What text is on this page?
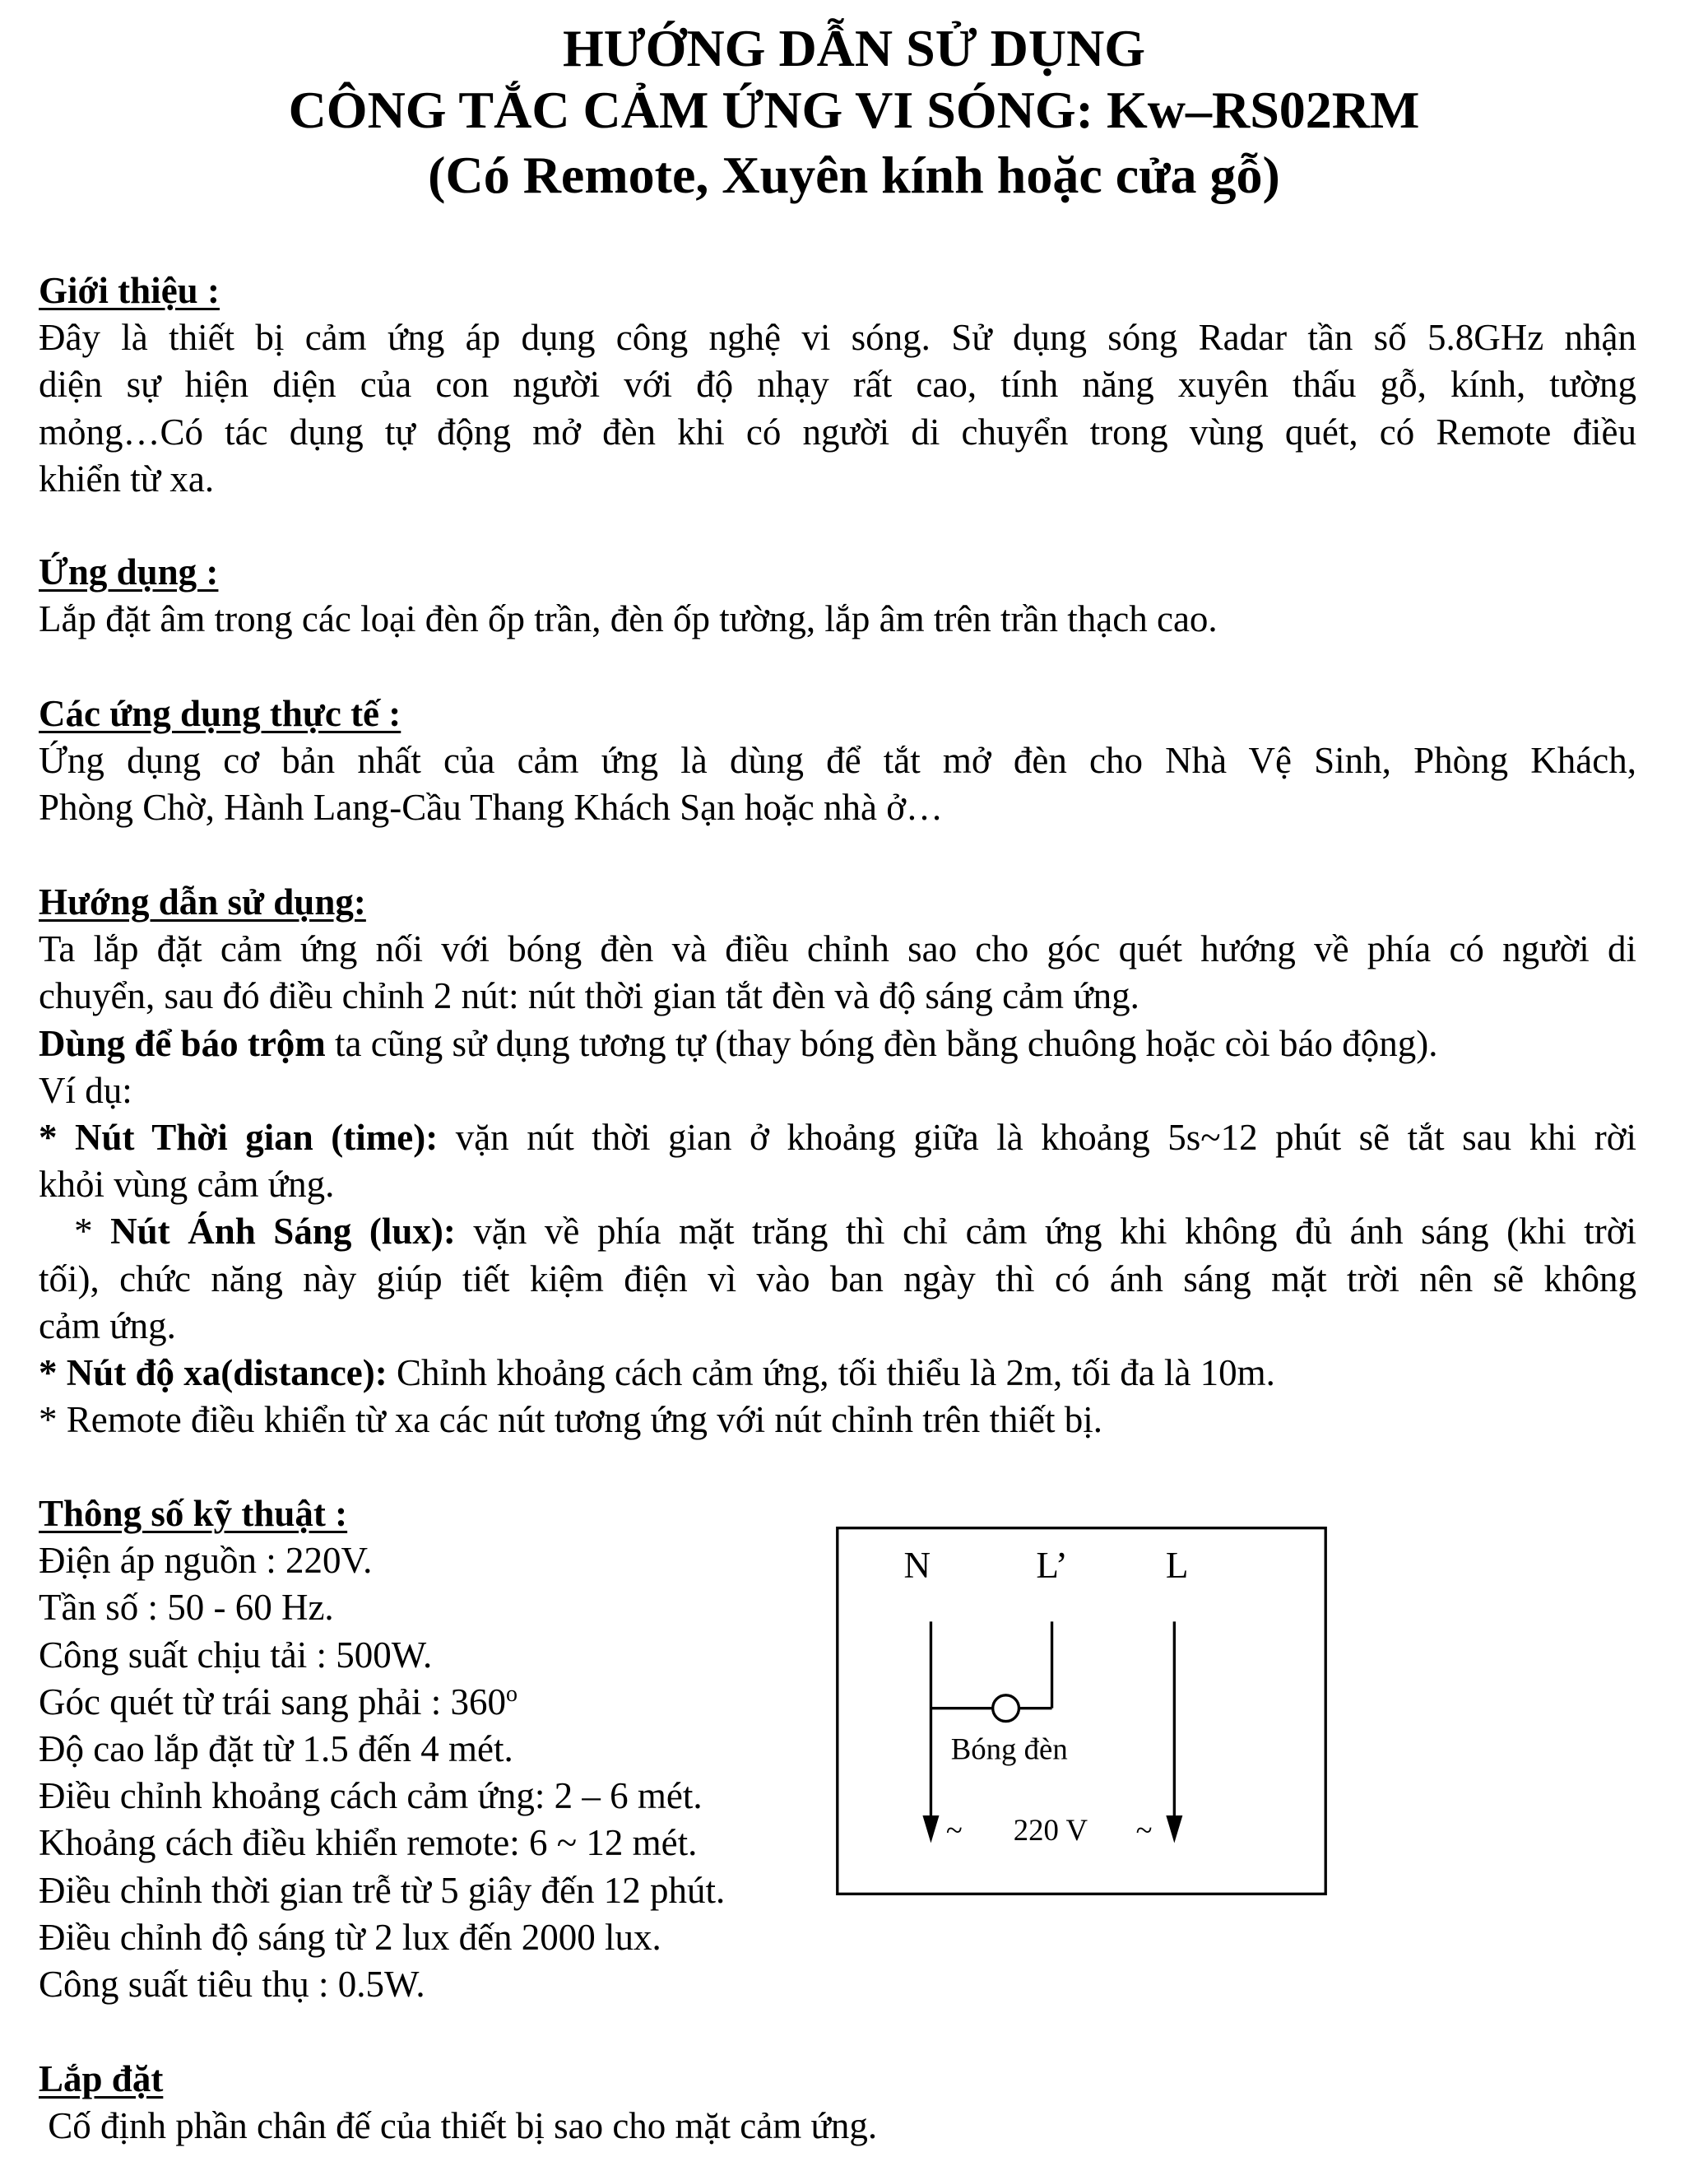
HƯỚNG DẪN SỬ DỤNG
CÔNG TẮC CẢM ỨNG VI SÓNG: Kw–RS02RM
(Có Remote, Xuyên kính hoặc cửa gỗ)
Giới thiệu :
Đây là thiết bị cảm ứng áp dụng công nghệ vi sóng. Sử dụng sóng Radar tần số 5.8GHz nhận
diện sự hiện diện của con người với độ nhạy rất cao, tính năng xuyên thấu gỗ, kính, tường
mỏng…Có tác dụng tự động mở đèn khi có người di chuyển trong vùng quét, có Remote điều
khiển từ xa.
Ứng dụng :
Lắp đặt âm trong các loại đèn ốp trần, đèn ốp tường, lắp âm trên trần thạch cao.
Các ứng dụng thực tế :
Ứng dụng cơ bản nhất của cảm ứng là dùng để tắt mở đèn cho Nhà Vệ Sinh, Phòng Khách,
Phòng Chờ, Hành Lang-Cầu Thang Khách Sạn hoặc nhà ở…
Hướng dẫn sử dụng:
Ta lắp đặt cảm ứng nối với bóng đèn và điều chỉnh sao cho góc quét hướng về phía có người di
chuyển, sau đó điều chỉnh 2 nút: nút thời gian tắt đèn và độ sáng cảm ứng.
Dùng để báo trộm ta cũng sử dụng tương tự (thay bóng đèn bằng chuông hoặc còi báo động).
Ví dụ:
* Nút Thời gian (time): vặn nút thời gian ở khoảng giữa là khoảng 5s~12 phút sẽ tắt sau khi rời
khỏi vùng cảm ứng.
* Nút Ánh Sáng (lux): vặn về phía mặt trăng thì chỉ cảm ứng khi không đủ ánh sáng (khi trời
tối), chức năng này giúp tiết kiệm điện vì vào ban ngày thì có ánh sáng mặt trời nên sẽ không
cảm ứng.
* Nút độ xa(distance): Chỉnh khoảng cách cảm ứng, tối thiểu là 2m, tối đa là 10m.
* Remote điều khiển từ xa các nút tương ứng với nút chỉnh trên thiết bị.
Thông số kỹ thuật :
Điện áp nguồn : 220V.
Tần số : 50 - 60 Hz.
Công suất chịu tải : 500W.
Góc quét từ trái sang phải : 360$^o$
Độ cao lắp đặt từ 1.5 đến 4 mét.
Điều chỉnh khoảng cách cảm ứng: 2 – 6 mét.
Khoảng cách điều khiển remote: 6 ~ 12 mét.
Điều chỉnh thời gian trễ từ 5 giây đến 12 phút.
Điều chỉnh độ sáng từ 2 lux đến 2000 lux.
Công suất tiêu thụ : 0.5W.
Lắp đặt
Cố định phần chân đế của thiết bị sao cho mặt cảm ứng.
N	L’	L
Bóng đèn
~	220 V	~
